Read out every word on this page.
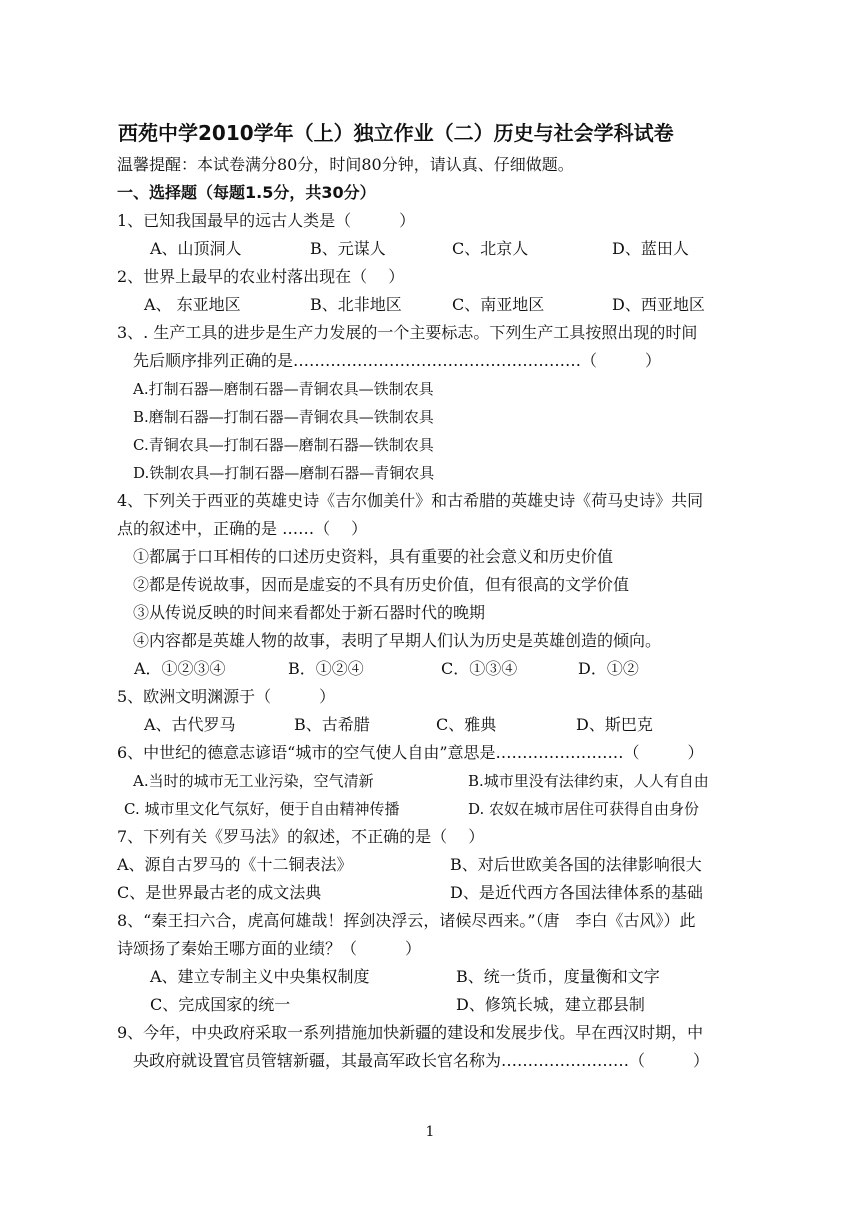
西苑中学2010学年（上）独立作业（二）历史与社会学科试卷
温馨提醒：本试卷满分80分，时间80分钟，请认真、仔细做题。
一、选择题（每题1.5分，共30分）
1、已知我国最早的远古人类是（　　　）
A、山顶洞人	B、元谋人	C、北京人	D、蓝田人
2、世界上最早的农业村落出现在（　 ）
A、 东亚地区	B、北非地区	C、南亚地区	D、西亚地区
3、. 生产工具的进步是生产力发展的一个主要标志。下列生产工具按照出现的时间
先后顺序排列正确的是………………………………………………（　　　）
A.打制石器—磨制石器—青铜农具—铁制农具
B.磨制石器—打制石器—青铜农具—铁制农具
C.青铜农具—打制石器—磨制石器—铁制农具
D.铁制农具—打制石器—磨制石器—青铜农具
4、下列关于西亚的英雄史诗《吉尔伽美什》和古希腊的英雄史诗《荷马史诗》共同
点的叙述中，正确的是 ……（　 ）
①都属于口耳相传的口述历史资料，具有重要的社会意义和历史价值
②都是传说故事，因而是虚妄的不具有历史价值，但有很高的文学价值
③从传说反映的时间来看都处于新石器时代的晚期
④内容都是英雄人物的故事，表明了早期人们认为历史是英雄创造的倾向。
A．①②③④	B．①②④	C．①③④	D．①②
5、欧洲文明渊源于（　　　）
A、古代罗马	B、古希腊	C、雅典	D、斯巴克
6、中世纪的德意志谚语“城市的空气使人自由”意思是……………………（　　　）
A.当时的城市无工业污染，空气清新	B.城市里没有法律约束，人人有自由
C. 城市里文化气氛好，便于自由精神传播	D. 农奴在城市居住可获得自由身份
7、下列有关《罗马法》的叙述，不正确的是（　 ）
A、源自古罗马的《十二铜表法》	B、对后世欧美各国的法律影响很大
C、是世界最古老的成文法典	D、是近代西方各国法律体系的基础
8、“秦王扫六合，虎高何雄哉！挥剑决浮云，诸候尽西来。”（唐　李白《古风》）此
诗颂扬了秦始王哪方面的业绩？（　　　）
A、建立专制主义中央集权制度	B、统一货币，度量衡和文字
C、完成国家的统一	D、修筑长城，建立郡县制
9、今年，中央政府采取一系列措施加快新疆的建设和发展步伐。早在西汉时期，中
央政府就设置官员管辖新疆，其最高军政长官名称为……………………（　　　）
1
